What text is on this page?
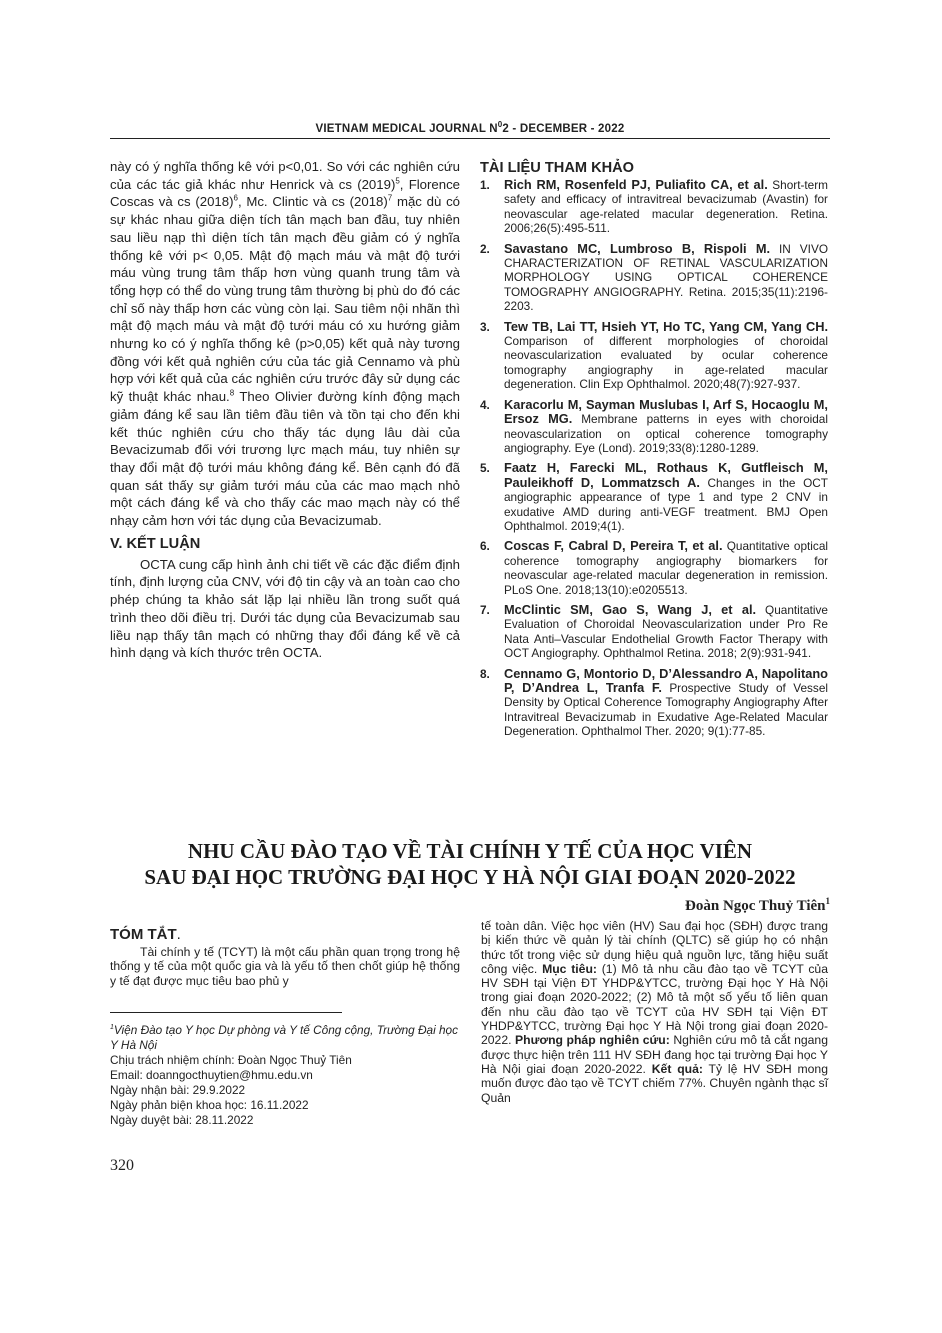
VIETNAM MEDICAL JOURNAL $N^02$ - DECEMBER - 2022

này có ý nghĩa thống kê với p<0,01. So với các nghiên cứu của các tác giả khác như Henrick và cs $(2019)^5$, Florence Coscas và cs $(2018)^6$, Mc. Clintic và cs $(2018)^7$ mặc dù có sự khác nhau giữa diện tích tân mạch ban đầu, tuy nhiên sau liều nạp thì diện tích tân mạch đều giảm có ý nghĩa thống kê với p< 0,05. Mật độ mạch máu và mật độ tưới máu vùng trung tâm thấp hơn vùng quanh trung tâm và tổng hợp có thể do vùng trung tâm thường bị phù do đó các chỉ số này thấp hơn các vùng còn lại. Sau tiêm nội nhãn thì mật độ mạch máu và mật độ tưới máu có xu hướng giảm nhưng ko có ý nghĩa thống kê (p>0,05) kết quả này tương đồng với kết quả nghiên cứu của tác giả Cennamo và phù hợp với kết quả của các nghiên cứu trước đây sử dụng các kỹ thuật khác nhau.$^8$ Theo Olivier đường kính động mạch giảm đáng kể sau lần tiêm đầu tiên và tồn tại cho đến khi kết thúc nghiên cứu cho thấy tác dụng lâu dài của Bevacizumab đối với trương lực mạch máu, tuy nhiên sự thay đổi mật độ tưới máu không đáng kể. Bên cạnh đó đã quan sát thấy sự giảm tưới máu của các mao mạch nhỏ một cách đáng kể và cho thấy các mao mạch này có thể nhạy cảm hơn với tác dụng của Bevacizumab.

V. KẾT LUẬN

OCTA cung cấp hình ảnh chi tiết về các đặc điểm định tính, định lượng của CNV, với độ tin cậy và an toàn cao cho phép chúng ta khảo sát lặp lại nhiều lần trong suốt quá trình theo dõi điều trị. Dưới tác dụng của Bevacizumab sau liều nạp thấy tân mạch có những thay đổi đáng kể về cả hình dạng và kích thước trên OCTA.

TÀI LIỆU THAM KHẢO
1. Rich RM, Rosenfeld PJ, Puliafito CA, et al. Short-term safety and efficacy of intravitreal bevacizumab (Avastin) for neovascular age-related macular degeneration. Retina. 2006;26(5):495-511.
2. Savastano MC, Lumbroso B, Rispoli M. IN VIVO CHARACTERIZATION OF RETINAL VASCULARIZATION MORPHOLOGY USING OPTICAL COHERENCE TOMOGRAPHY ANGIOGRAPHY. Retina. 2015;35(11):2196-2203.
3. Tew TB, Lai TT, Hsieh YT, Ho TC, Yang CM, Yang CH. Comparison of different morphologies of choroidal neovascularization evaluated by ocular coherence tomography angiography in age-related macular degeneration. Clin Exp Ophthalmol. 2020;48(7):927-937.
4. Karacorlu M, Sayman Muslubas I, Arf S, Hocaoglu M, Ersoz MG. Membrane patterns in eyes with choroidal neovascularization on optical coherence tomography angiography. Eye (Lond). 2019;33(8):1280-1289.
5. Faatz H, Farecki ML, Rothaus K, Gutfleisch M, Pauleikhoff D, Lommatzsch A. Changes in the OCT angiographic appearance of type 1 and type 2 CNV in exudative AMD during anti-VEGF treatment. BMJ Open Ophthalmol. 2019;4(1).
6. Coscas F, Cabral D, Pereira T, et al. Quantitative optical coherence tomography angiography biomarkers for neovascular age-related macular degeneration in remission. PLoS One. 2018;13(10):e0205513.
7. McClintic SM, Gao S, Wang J, et al. Quantitative Evaluation of Choroidal Neovascularization under Pro Re Nata Anti–Vascular Endothelial Growth Factor Therapy with OCT Angiography. Ophthalmol Retina. 2018; 2(9):931-941.
8. Cennamo G, Montorio D, D’Alessandro A, Napolitano P, D’Andrea L, Tranfa F. Prospective Study of Vessel Density by Optical Coherence Tomography Angiography After Intravitreal Bevacizumab in Exudative Age-Related Macular Degeneration. Ophthalmol Ther. 2020; 9(1):77-85.
NHU CẦU ĐÀO TẠO VỀ TÀI CHÍNH Y TẾ CỦA HỌC VIÊN
SAU ĐẠI HỌC TRƯỜNG ĐẠI HỌC Y HÀ NỘI GIAI ĐOẠN 2020-2022
Đoàn Ngọc Thuỷ Tiên$^1$
TÓM TẮT.

Tài chính y tế (TCYT) là một cấu phần quan trọng trong hệ thống y tế của một quốc gia và là yếu tố then chốt giúp hệ thống y tế đạt được mục tiêu bao phủ y

tế toàn dân. Việc học viên (HV) Sau đại học (SĐH) được trang bị kiến thức về quản lý tài chính (QLTC) sẽ giúp họ có nhận thức tốt trong việc sử dụng hiệu quả nguồn lực, tăng hiệu suất công việc. Mục tiêu: (1) Mô tả nhu cầu đào tạo về TCYT của HV SĐH tại Viện ĐT YHDP&YTCC, trường Đại học Y Hà Nội trong giai đoạn 2020-2022; (2) Mô tả một số yếu tố liên quan đến nhu cầu đào tạo về TCYT của HV SĐH tại Viện ĐT YHDP&YTCC, trường Đại học Y Hà Nội trong giai đoạn 2020-2022. Phương pháp nghiên cứu: Nghiên cứu mô tả cắt ngang được thực hiện trên 111 HV SĐH đang học tại trường Đại học Y Hà Nội giai đoạn 2020-2022. Kết quả: Tỷ lệ HV SĐH mong muốn được đào tạo về TCYT chiếm 77%. Chuyên ngành thạc sĩ Quản

$^1$Viện Đào tạo Y học Dự phòng và Y tế Công cộng, Trường Đại học Y Hà Nội
Chịu trách nhiệm chính: Đoàn Ngọc Thuỷ Tiên
Email: doanngocthuytien@hmu.edu.vn
Ngày nhận bài: 29.9.2022
Ngày phản biện khoa học: 16.11.2022
Ngày duyệt bài: 28.11.2022
320
